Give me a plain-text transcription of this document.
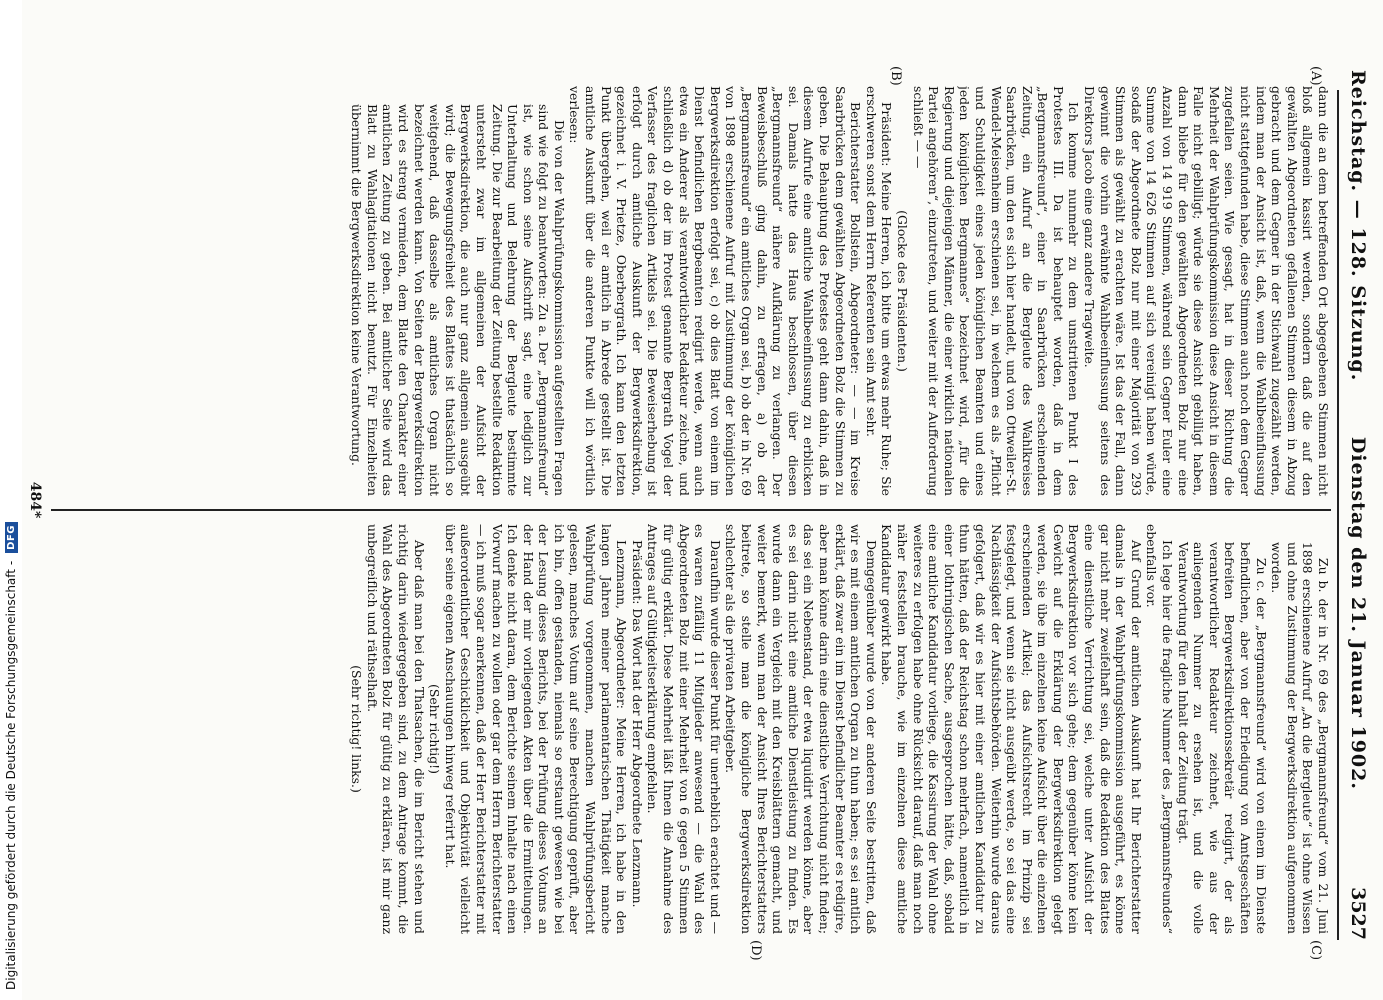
Reichstag. — 128. Sitzung.
Dienstag den 21. Januar 1902.
3527
(A)
(B)
(C)
(D)

dann die an dem betreffenden Ort abgegebenen Stimmen nicht bloß allgemein kassirt werden, sondern daß die auf den gewählten Abgeordneten gefallenen Stimmen diesem in Abzug gebracht und dem Gegner in der Stichwahl zugezählt werden, indem man der Ansicht ist, daß, wenn die Wahlbeeinflussung nicht stattgefunden habe, diese Stimmen auch noch dem Gegner zugefallen seien. Wie gesagt, hat in dieser Richtung die Mehrheit der Wahlprüfungskommission diese Ansicht in diesem Falle nicht gebilligt; würde sie diese Ansicht gebilligt haben, dann bliebe für den gewählten Abgeordneten Bolz nur eine Anzahl von 14 919 Stimmen, während sein Gegner Euler eine Summe von 14 626 Stimmen auf sich vereinigt haben würde, sodaß der Abgeordnete Bolz nur mit einer Majorität von 293 Stimmen als gewählt zu erachten wäre. Ist das der Fall, dann gewinnt die vorhin erwähnte Wahlbeeinflussung seitens des Direktors Jacob eine ganz andere Tragweite.

Ich komme nunmehr zu dem umstrittenen Punkt I des Protestes III. Da ist behauptet worden, daß in dem „Bergmannsfreund“, einer in Saarbrücken erscheinenden Zeitung, ein Aufruf an die Bergleute des Wahlkreises Saarbrücken, um den es sich hier handelt, und von Ottweiler-St. Wendel-Meisenheim erschienen sei, in welchem es als „Pflicht und Schuldigkeit eines jeden königlichen Beamten und eines jeden königlichen Bergmannes“ bezeichnet wird, „für die Regierung und diejenigen Männer, die einer wirklich nationalen Partei angehören“, einzutreten, und weiter mit der Aufforderung schließt — —

(Glocke des Präsidenten.)

Präsident: Meine Herren, ich bitte um etwas mehr Ruhe; Sie erschweren sonst dem Herrn Referenten sein Amt sehr.

Berichterstatter Bollstein, Abgeordneter: — — im Kreise Saarbrücken dem gewählten Abgeordneten Bolz die Stimmen zu geben. Die Behauptung des Protestes geht dann dahin, daß in diesem Aufrufe eine amtliche Wahlbeeinflussung zu erblicken sei. Damals hatte das Haus beschlossen, über diesen „Bergmannsfreund“ nähere Aufklärung zu verlangen. Der Beweisbeschluß ging dahin, zu erfragen, a) ob der „Bergmannsfreund“ ein amtliches Organ sei, b) ob der in Nr. 69 von 1898 erschienene Aufruf mit Zustimmung der königlichen Bergwerksdirektion erfolgt sei, c) ob dies Blatt von einem im Dienst befindlichen Bergbeamten redigirt werde, wenn auch etwa ein Anderer als verantwortlicher Redakteur zeichne, und schließlich d) ob der im Protest genannte Bergrath Vogel der Verfasser des fraglichen Artikels sei. Die Beweiserhebung ist erfolgt durch amtliche Auskunft der Bergwerksdirektion, gezeichnet i. V. Prietze, Oberbergrath. Ich kann den letzten Punkt übergehen, weil er amtlich in Abrede gestellt ist. Die amtliche Auskunft über die anderen Punkte will ich wörtlich verlesen:

Die von der Wahlprüfungskommission aufgestellten Fragen sind wie folgt zu beantworten: Zu a. Der „Bergmannsfreund“ ist, wie schon seine Aufschrift sagt, eine lediglich zur Unterhaltung und Belehrung der Bergleute bestimmte Zeitung. Die zur Bearbeitung der Zeitung bestellte Redaktion untersteht zwar im allgemeinen der Aufsicht der Bergwerksdirektion, die auch nur ganz allgemein ausgeübt wird; die Bewegungsfreiheit des Blattes ist thatsächlich so weitgehend, daß dasselbe als amtliches Organ nicht bezeichnet werden kann. Von Seiten der Bergwerksdirektion wird es streng vermieden, dem Blatte den Charakter einer amtlichen Zeitung zu geben. Bei amtlicher Seite wird das Blatt zu Wahlagitationen nicht benutzt. Für Einzelheiten übernimmt die Bergwerksdirektion keine Verantwortung.

Zu b. der in Nr. 69 des „Bergmannsfreund“ vom 21. Juni 1898 erschienene Aufruf „An die Bergleute“ ist ohne Wissen und ohne Zustimmung der Bergwerksdirektion aufgenommen worden.

Zu c. der „Bergmannsfreund“ wird von einem im Dienste befindlichen, aber von der Erledigung von Amtsgeschäften befreiten Bergwerksdirektionssekretär redigirt, der als verantwortlicher Redakteur zeichnet, wie aus der anliegenden Nummer zu ersehen ist, und die volle Verantwortung für den Inhalt der Zeitung trägt.

Ich lege hier die fragliche Nummer des „Bergmannsfreundes“ ebenfalls vor.

Auf Grund der amtlichen Auskunft hat Ihr Berichterstatter damals in der Wahlprüfungskommission ausgeführt, es könne gar nicht mehr zweifelhaft sein, daß die Redaktion des Blattes eine dienstliche Verrichtung sei, welche unter Aufsicht der Bergwerksdirektion vor sich gehe; dem gegenüber könne kein Gewicht auf die Erklärung der Bergwerksdirektion gelegt werden, sie übe im einzelnen keine Aufsicht über die einzelnen erscheinenden Artikel; das Aufsichtsrecht im Prinzip sei festgelegt, und wenn sie nicht ausgeübt werde, so sei das eine Nachlässigkeit der Aufsichtsbehörden. Weiterhin wurde daraus gefolgert, daß wir es hier mit einer amtlichen Kandidatur zu thun hätten, daß der Reichstag schon mehrfach, namentlich in einer lothringischen Sache, ausgesprochen hätte, daß, sobald eine amtliche Kandidatur vorliege, die Kassirung der Wahl ohne weiteres zu erfolgen habe ohne Rücksicht darauf, daß man noch näher feststellen brauche, wie im einzelnen diese amtliche Kandidatur gewirkt habe.

Demgegenüber wurde von der anderen Seite bestritten, daß wir es mit einem amtlichen Organ zu thun haben; es sei amtlich erklärt, daß zwar ein im Dienst befindlicher Beamter es redigire, aber man könne darin eine dienstliche Verrichtung nicht finden; das sei ein Nebenstand, der etwa liquidirt werden könne, aber es sei darin nicht eine amtliche Dienstleistung zu finden. Es wurde dann ein Vergleich mit den Kreisblättern gemacht, und weiter bemerkt, wenn man der Ansicht Ihres Berichterstatters beitrete, so stelle man die königliche Bergwerksdirektion schlechter als die privaten Arbeitgeber.

Daraufhin wurde dieser Punkt für unerheblich erachtet und — es waren zufällig 11 Mitglieder anwesend — die Wahl des Abgeordneten Bolz mit einer Mehrheit von 6 gegen 5 Stimmen für gültig erklärt. Diese Mehrheit läßt Ihnen die Annahme des Antrages auf Gültigkeitserklärung empfehlen.

Präsident: Das Wort hat der Herr Abgeordnete Lenzmann.

Lenzmann, Abgeordneter: Meine Herren, ich habe in den langen Jahren meiner parlamentarischen Thätigkeit manche Wahlprüfung vorgenommen, manchen Wahlprüfungsbericht gelesen, manches Votum auf seine Berechtigung geprüft, aber ich bin, offen gestanden, niemals so erstaunt gewesen wie bei der Lesung dieses Berichts, bei der Prüfung dieses Votums an der Hand der mir vorliegenden Akten über die Ermittelungen. Ich denke nicht daran, dem Berichte seinem Inhalte nach einen Vorwurf machen zu wollen oder gar dem Herrn Berichterstatter — ich muß sogar anerkennen, daß der Herr Berichterstatter mit außerordentlicher Geschicklichkeit und Objektivität vielleicht über seine eigenen Anschauungen hinweg referirt hat.

(Sehr richtig!)

Aber daß man bei den Thatsachen, die im Bericht stehen und richtig darin wiedergegeben sind, zu dem Antrage kommt, die Wahl des Abgeordneten Bolz für gültig zu erklären, ist mir ganz unbegreiflich und räthselhaft.

(Sehr richtig! links.)

484*
Digitalisierung gefördert durch die Deutsche Forschungsgemeinschaft -
DFG
